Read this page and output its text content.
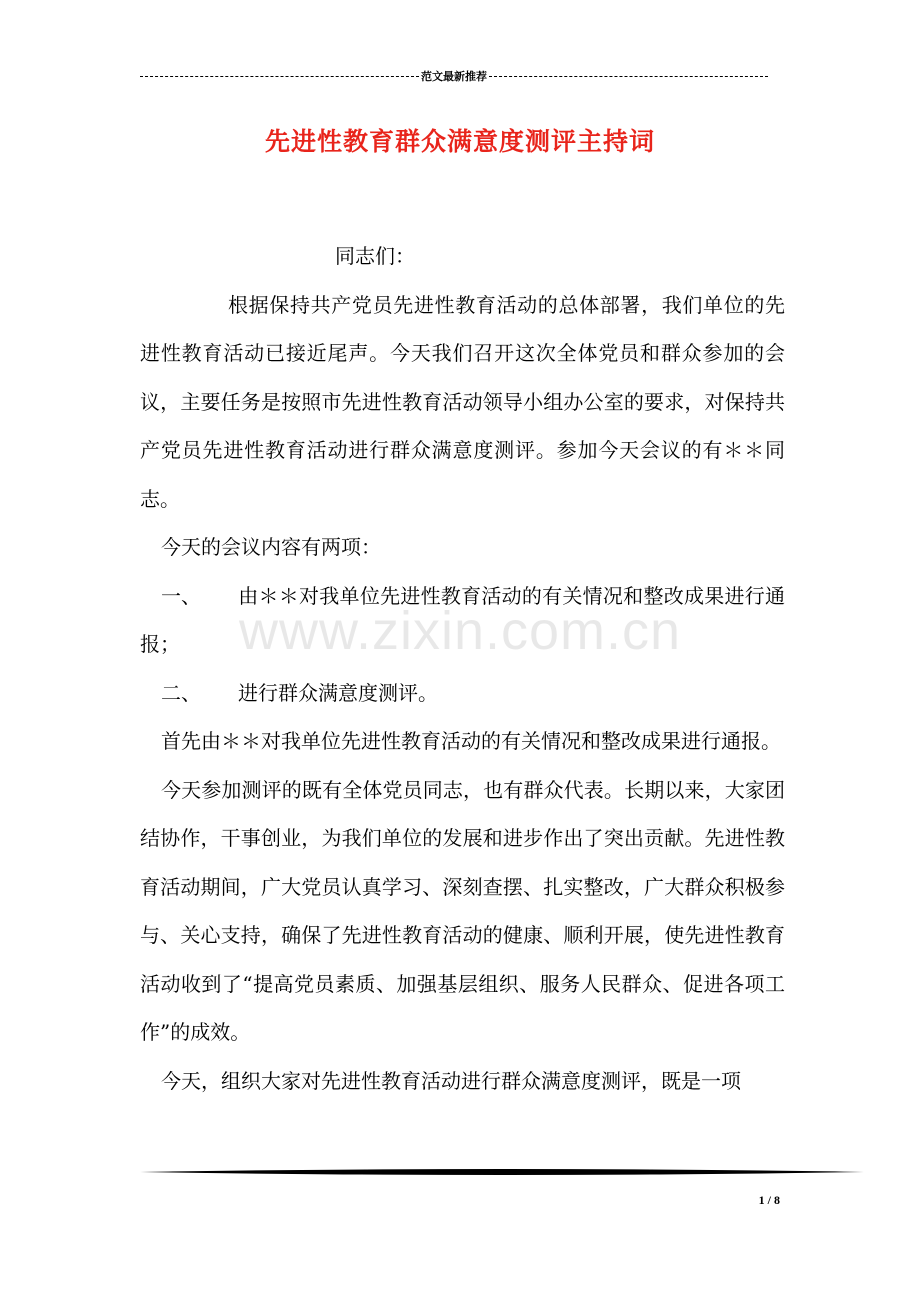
范文最新推荐
先进性教育群众满意度测评主持词

同志们：

根据保持共产党员先进性教育活动的总体部署，我们单位的先进性教育活动已接近尾声。今天我们召开这次全体党员和群众参加的会议，主要任务是按照市先进性教育活动领导小组办公室的要求，对保持共产党员先进性教育活动进行群众满意度测评。参加今天会议的有＊＊同志。

今天的会议内容有两项：

一、 由＊＊对我单位先进性教育活动的有关情况和整改成果进行通报；

二、 进行群众满意度测评。

首先由＊＊对我单位先进性教育活动的有关情况和整改成果进行通报。

今天参加测评的既有全体党员同志，也有群众代表。长期以来，大家团结协作，干事创业，为我们单位的发展和进步作出了突出贡献。先进性教育活动期间，广大党员认真学习、深刻查摆、扎实整改，广大群众积极参与、关心支持，确保了先进性教育活动的健康、顺利开展，使先进性教育活动收到了“提高党员素质、加强基层组织、服务人民群众、促进各项工作”的成效。

今天，组织大家对先进性教育活动进行群众满意度测评，既是一项

www.zixin.com.cn
1 / 8
